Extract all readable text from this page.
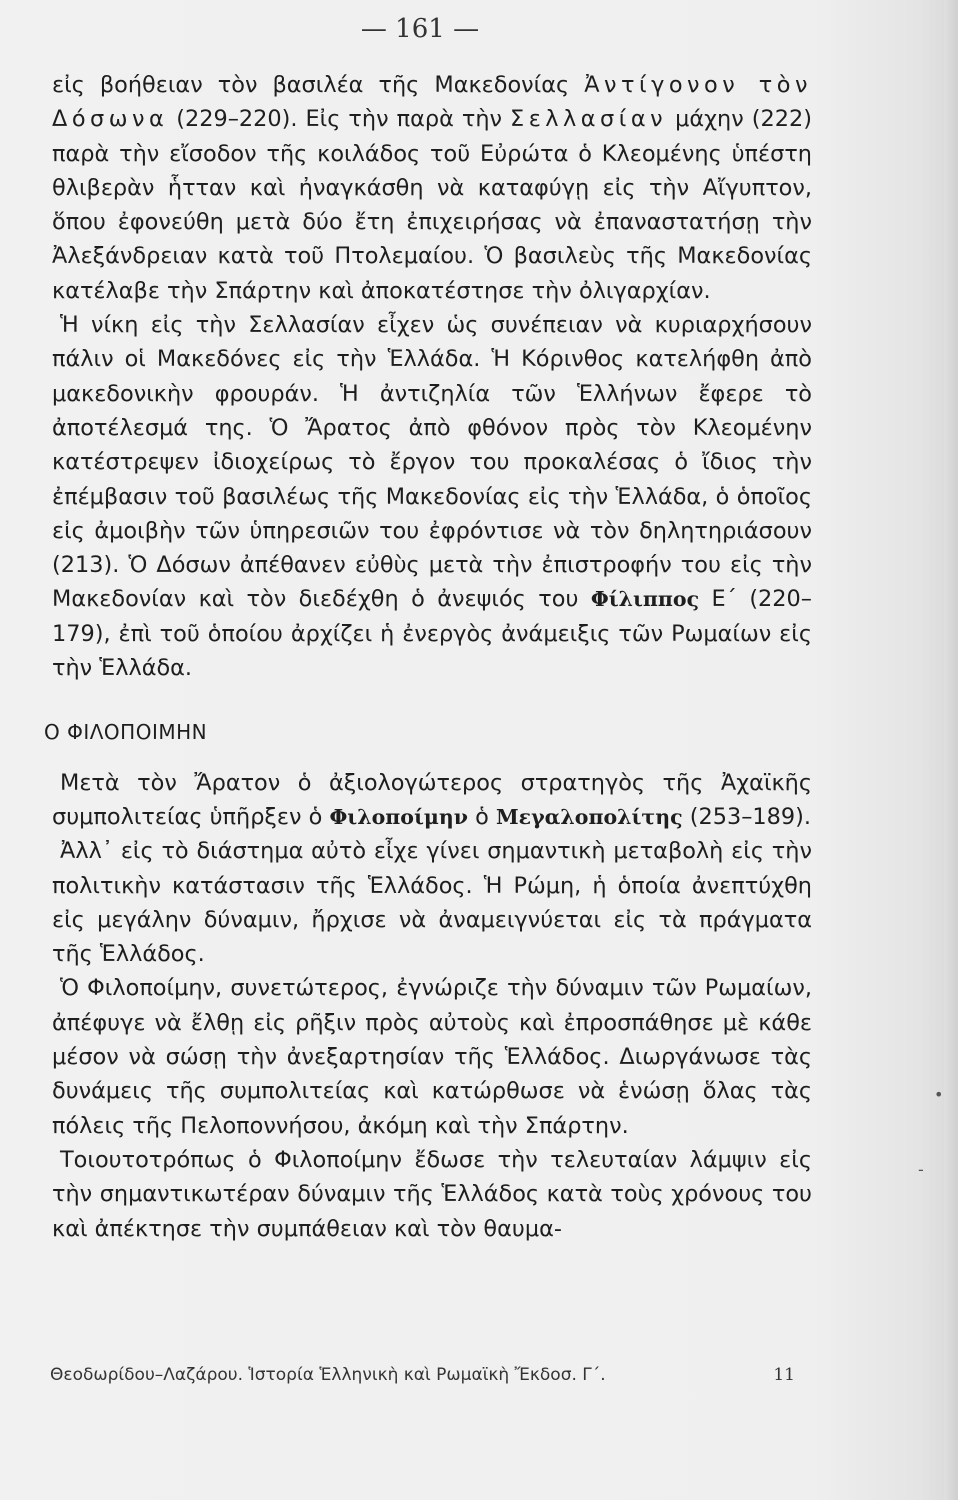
— 161 —

εἰς βοήθειαν τὸν βασιλέα τῆς Μακεδονίας Ἀντίγονον τὸν Δόσωνα (229–220). Εἰς τὴν παρὰ τὴν Σελλασίαν μάχην (222) παρὰ τὴν εἴσοδον τῆς κοιλάδος τοῦ Εὐρώτα ὁ Κλεομένης ὑπέστη θλιβερὰν ἧτταν καὶ ἠναγκάσθη νὰ καταφύγῃ εἰς τὴν Αἴγυπτον, ὅπου ἐφονεύθη μετὰ δύο ἔτη ἐπιχειρήσας νὰ ἐπαναστατήσῃ τὴν Ἀλεξάνδρειαν κατὰ τοῦ Πτολεμαίου. Ὁ βασιλεὺς τῆς Μακεδονίας κατέλαβε τὴν Σπάρτην καὶ ἀποκατέστησε τὴν ὀλιγαρχίαν.

Ἡ νίκη εἰς τὴν Σελλασίαν εἶχεν ὡς συνέπειαν νὰ κυριαρχήσουν πάλιν οἱ Μακεδόνες εἰς τὴν Ἑλλάδα. Ἡ Κόρινθος κατελήφθη ἀπὸ μακεδονικὴν φρουράν. Ἡ ἀντιζηλία τῶν Ἑλλήνων ἔφερε τὸ ἀποτέλεσμά της. Ὁ Ἄρατος ἀπὸ φθόνον πρὸς τὸν Κλεομένην κατέστρεψεν ἰδιοχείρως τὸ ἔργον του προκαλέσας ὁ ἴδιος τὴν ἐπέμβασιν τοῦ βασιλέως τῆς Μακεδονίας εἰς τὴν Ἑλλάδα, ὁ ὁποῖος εἰς ἀμοιβὴν τῶν ὑπηρεσιῶν του ἐφρόντισε νὰ τὸν δηλητηριάσουν (213). Ὁ Δόσων ἀπέθανεν εὐθὺς μετὰ τὴν ἐπιστροφήν του εἰς τὴν Μακεδονίαν καὶ τὸν διεδέχθη ὁ ἀνεψιός του Φίλιππος Ε΄ (220–179), ἐπὶ τοῦ ὁποίου ἀρχίζει ἡ ἐνεργὸς ἀνάμειξις τῶν Ρωμαίων εἰς τὴν Ἑλλάδα.

Ο ΦΙΛΟΠΟΙΜΗΝ

Μετὰ τὸν Ἄρατον ὁ ἀξιολογώτερος στρατηγὸς τῆς Ἀχαϊκῆς συμπολιτείας ὑπῆρξεν ὁ Φιλοποίμην ὁ Μεγαλοπολίτης (253–189).

Ἀλλ᾽ εἰς τὸ διάστημα αὐτὸ εἶχε γίνει σημαντικὴ μεταβολὴ εἰς τὴν πολιτικὴν κατάστασιν τῆς Ἑλλάδος. Ἡ Ρώμη, ἡ ὁποία ἀνεπτύχθη εἰς μεγάλην δύναμιν, ἤρχισε νὰ ἀναμειγνύεται εἰς τὰ πράγματα τῆς Ἑλλάδος.

Ὁ Φιλοποίμην, συνετώτερος, ἐγνώριζε τὴν δύναμιν τῶν Ρωμαίων, ἀπέφυγε νὰ ἔλθῃ εἰς ρῆξιν πρὸς αὐτοὺς καὶ ἐπροσπάθησε μὲ κάθε μέσον νὰ σώσῃ τὴν ἀνεξαρτησίαν τῆς Ἑλλάδος. Διωργάνωσε τὰς δυνάμεις τῆς συμπολιτείας καὶ κατώρθωσε νὰ ἑνώσῃ ὅλας τὰς πόλεις τῆς Πελοποννήσου, ἀκόμη καὶ τὴν Σπάρτην.

Τοιουτοτρόπως ὁ Φιλοποίμην ἔδωσε τὴν τελευταίαν λάμψιν εἰς τὴν σημαντικωτέραν δύναμιν τῆς Ἑλλάδος κατὰ τοὺς χρόνους του καὶ ἀπέκτησε τὴν συμπάθειαν καὶ τὸν θαυμα-

Θεοδωρίδου–Λαζάρου. Ἱστορία Ἑλληνικὴ καὶ Ρωμαϊκὴ Ἔκδοσ. Γ΄.	11
•
-
